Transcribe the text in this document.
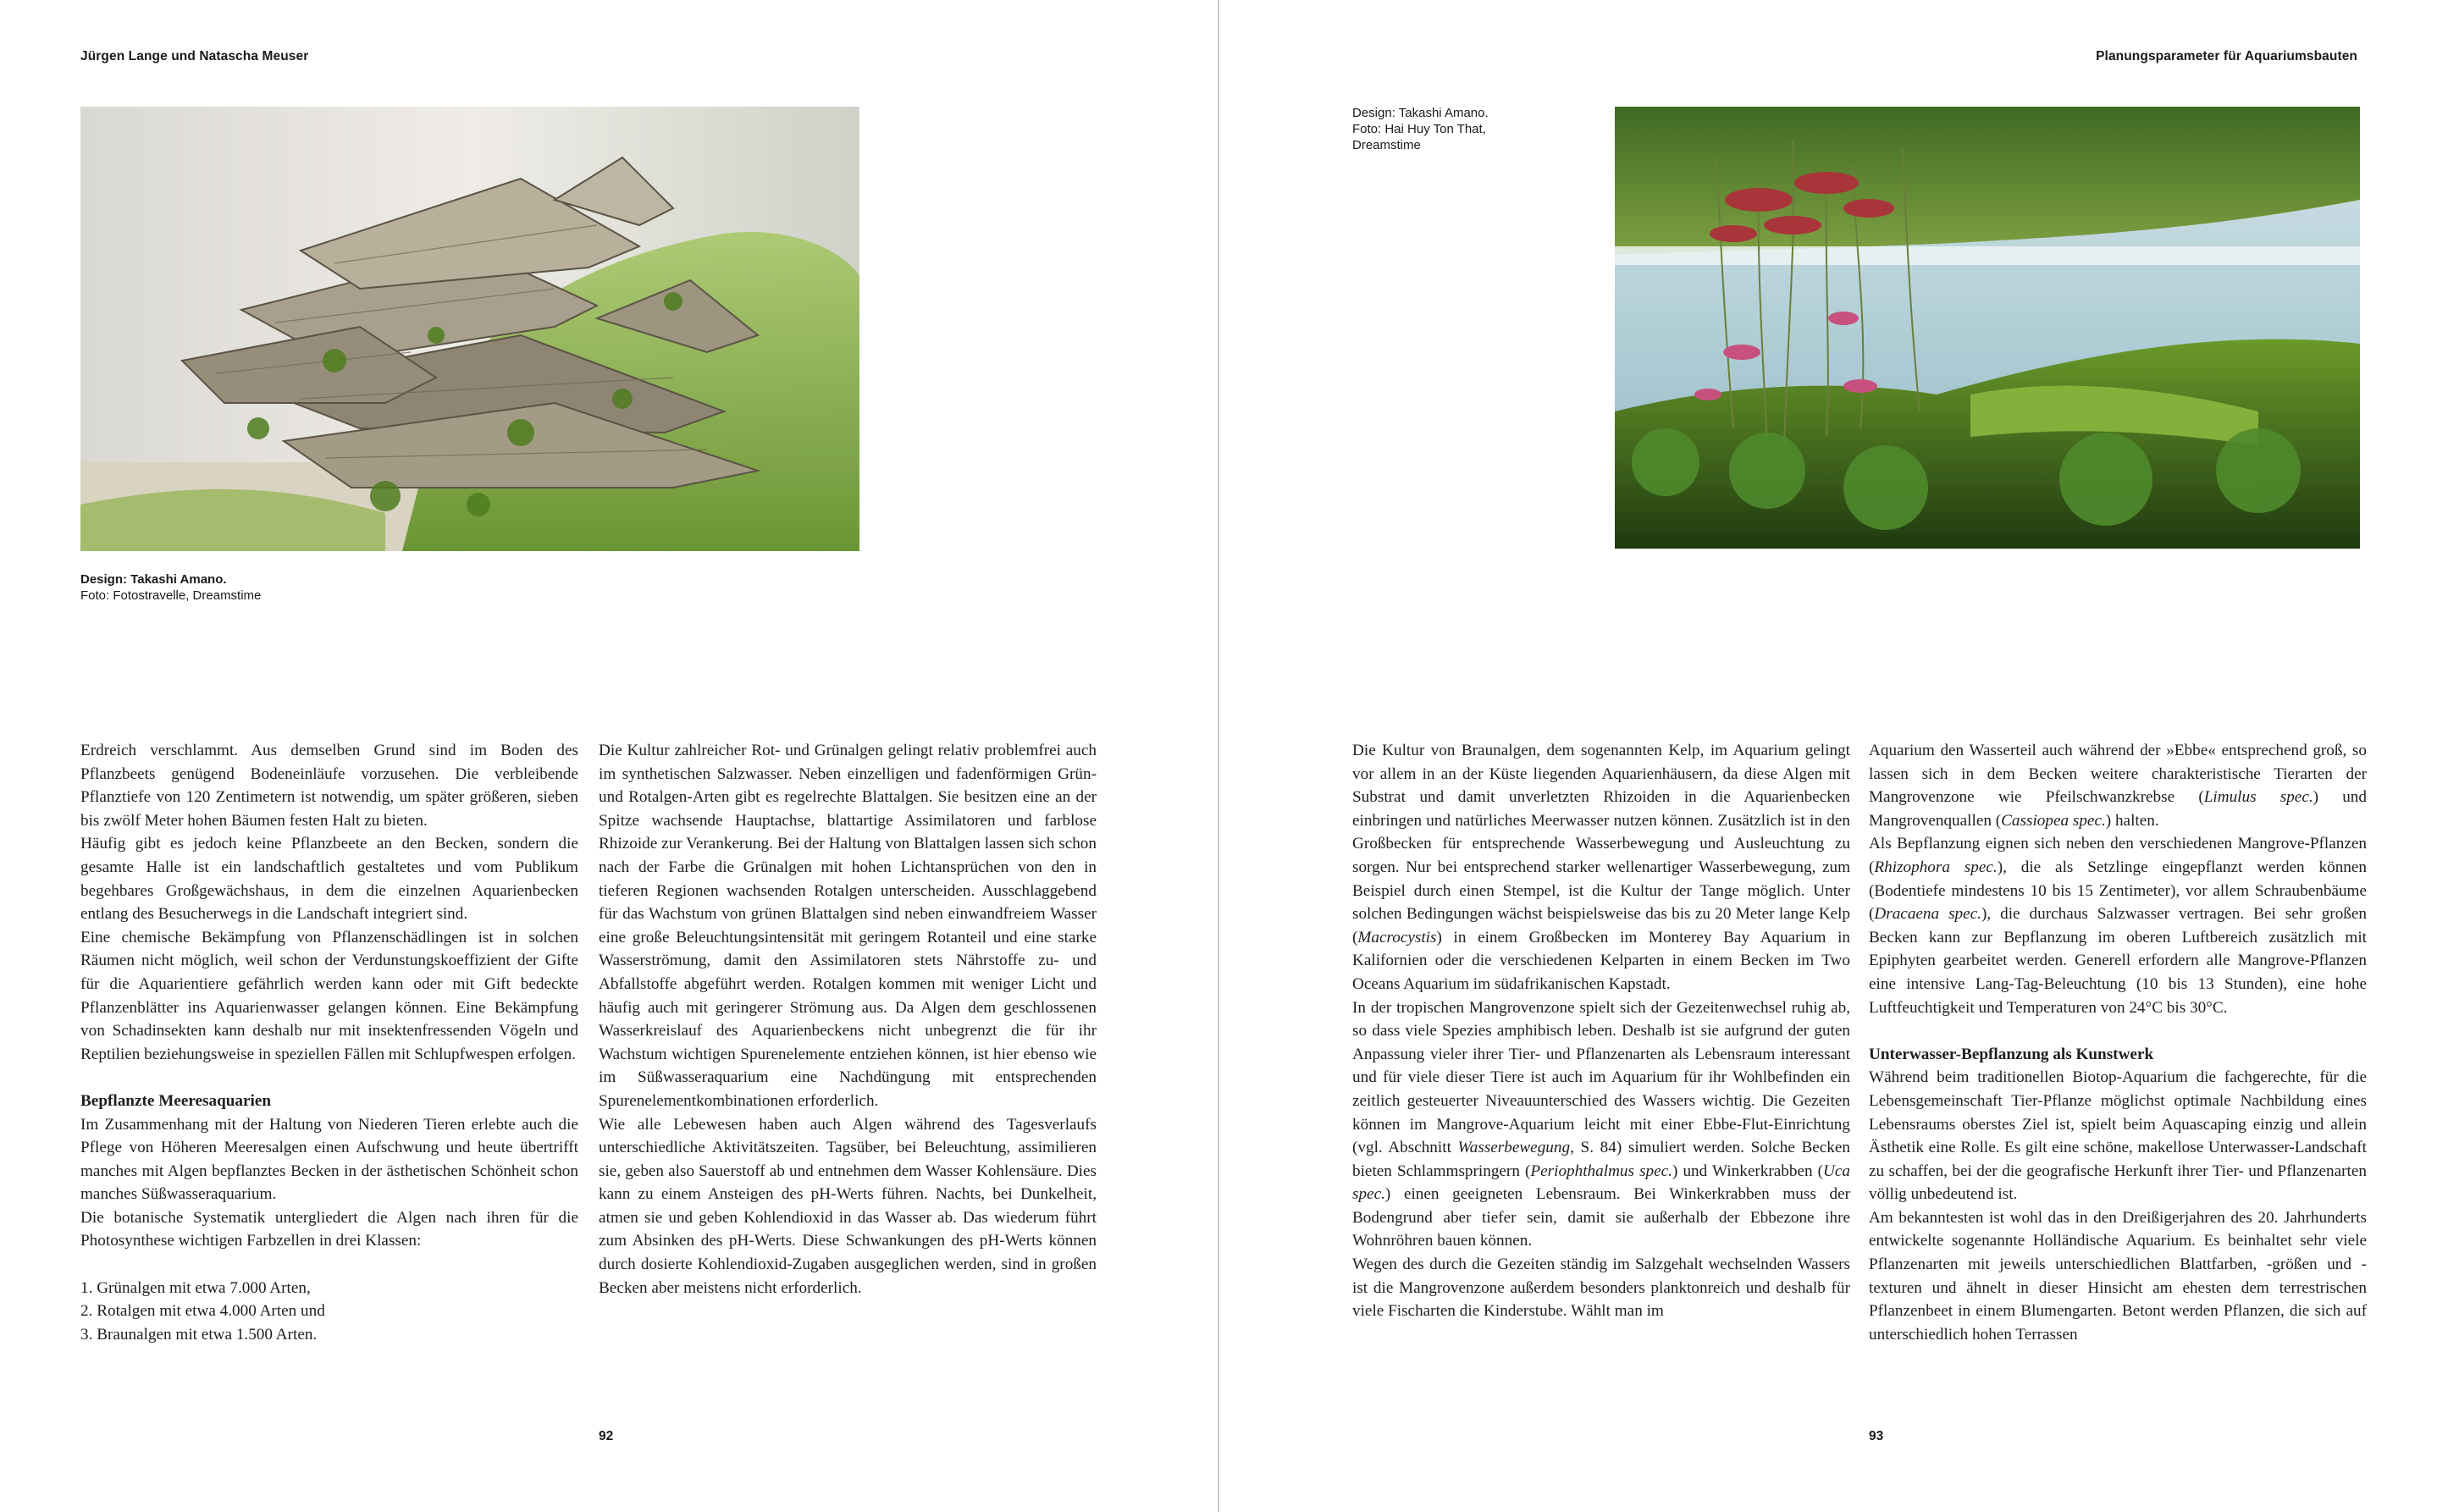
Jürgen Lange und Natascha Meuser
Design: Takashi Amano.
Foto: Fotostravelle, Dreamstime

Erdreich verschlammt. Aus demselben Grund sind im Boden des Pflanzbeets genügend Bodeneinläufe vorzusehen. Die verbleibende Pflanztiefe von 120 Zentimetern ist notwendig, um später größeren, sieben bis zwölf Meter hohen Bäumen festen Halt zu bieten.

Häufig gibt es jedoch keine Pflanzbeete an den Becken, sondern die gesamte Halle ist ein landschaftlich gestaltetes und vom Publikum begehbares Großgewächshaus, in dem die einzelnen Aquarienbecken entlang des Besucherwegs in die Landschaft integriert sind.

Eine chemische Bekämpfung von Pflanzenschädlingen ist in solchen Räumen nicht möglich, weil schon der Verdunstungskoeffizient der Gifte für die Aquarientiere gefährlich werden kann oder mit Gift bedeckte Pflanzenblätter ins Aquarienwasser gelangen können. Eine Bekämpfung von Schadinsekten kann deshalb nur mit insektenfressenden Vögeln und Reptilien beziehungsweise in speziellen Fällen mit Schlupfwespen erfolgen.

Bepflanzte Meeresaquarien

Im Zusammenhang mit der Haltung von Niederen Tieren erlebte auch die Pflege von Höheren Meeresalgen einen Aufschwung und heute übertrifft manches mit Algen bepflanztes Becken in der ästhetischen Schönheit schon manches Süßwasseraquarium.

Die botanische Systematik untergliedert die Algen nach ihren für die Photosynthese wichtigen Farbzellen in drei Klassen:

1. Grünalgen mit etwa 7.000 Arten,
2. Rotalgen mit etwa 4.000 Arten und
3. Braunalgen mit etwa 1.500 Arten.

Die Kultur zahlreicher Rot- und Grünalgen gelingt relativ problemfrei auch im synthetischen Salzwasser. Neben einzelligen und fadenförmigen Grün- und Rotalgen-Arten gibt es regelrechte Blattalgen. Sie besitzen eine an der Spitze wachsende Hauptachse, blattartige Assimilatoren und farblose Rhizoide zur Verankerung. Bei der Haltung von Blattalgen lassen sich schon nach der Farbe die Grünalgen mit hohen Lichtansprüchen von den in tieferen Regionen wachsenden Rotalgen unterscheiden. Ausschlaggebend für das Wachstum von grünen Blattalgen sind neben einwandfreiem Wasser eine große Beleuchtungsintensität mit geringem Rotanteil und eine starke Wasserströmung, damit den Assimilatoren stets Nährstoffe zu- und Abfallstoffe abgeführt werden. Rotalgen kommen mit weniger Licht und häufig auch mit geringerer Strömung aus. Da Algen dem geschlossenen Wasserkreislauf des Aquarienbeckens nicht unbegrenzt die für ihr Wachstum wichtigen Spurenelemente entziehen können, ist hier ebenso wie im Süßwasseraquarium eine Nachdüngung mit entsprechenden Spurenelementkombinationen erforderlich.

Wie alle Lebewesen haben auch Algen während des Tagesverlaufs unterschiedliche Aktivitätszeiten. Tagsüber, bei Beleuchtung, assimilieren sie, geben also Sauerstoff ab und entnehmen dem Wasser Kohlensäure. Dies kann zu einem Ansteigen des pH-Werts führen. Nachts, bei Dunkelheit, atmen sie und geben Kohlendioxid in das Wasser ab. Das wiederum führt zum Absinken des pH-Werts. Diese Schwankungen des pH-Werts können durch dosierte Kohlendioxid-Zugaben ausgeglichen werden, sind in großen Becken aber meistens nicht erforderlich.

92
Planungsparameter für Aquariumsbauten
Design: Takashi Amano.
Foto: Hai Huy Ton That,
Dreamstime

Die Kultur von Braunalgen, dem sogenannten Kelp, im Aquarium gelingt vor allem in an der Küste liegenden Aquarienhäusern, da diese Algen mit Substrat und damit unverletzten Rhizoiden in die Aquarienbecken einbringen und natürliches Meerwasser nutzen können. Zusätzlich ist in den Großbecken für entsprechende Wasserbewegung und Ausleuchtung zu sorgen. Nur bei entsprechend starker wellenartiger Wasserbewegung, zum Beispiel durch einen Stempel, ist die Kultur der Tange möglich. Unter solchen Bedingungen wächst beispielsweise das bis zu 20 Meter lange Kelp (Macrocystis) in einem Großbecken im Monterey Bay Aquarium in Kalifornien oder die verschiedenen Kelparten in einem Becken im Two Oceans Aquarium im südafrikanischen Kapstadt.

In der tropischen Mangrovenzone spielt sich der Gezeitenwechsel ruhig ab, so dass viele Spezies amphibisch leben. Deshalb ist sie aufgrund der guten Anpassung vieler ihrer Tier- und Pflanzenarten als Lebensraum interessant und für viele dieser Tiere ist auch im Aquarium für ihr Wohlbefinden ein zeitlich gesteuerter Niveauunterschied des Wassers wichtig. Die Gezeiten können im Mangrove-Aquarium leicht mit einer Ebbe-Flut-Einrichtung (vgl. Abschnitt Wasserbewegung, S. 84) simuliert werden. Solche Becken bieten Schlammspringern (Periophthalmus spec.) und Winkerkrabben (Uca spec.) einen geeigneten Lebensraum. Bei Winkerkrabben muss der Bodengrund aber tiefer sein, damit sie außerhalb der Ebbezone ihre Wohnröhren bauen können.

Wegen des durch die Gezeiten ständig im Salzgehalt wechselnden Wassers ist die Mangrovenzone außerdem besonders planktonreich und deshalb für viele Fischarten die Kinderstube. Wählt man im

Aquarium den Wasserteil auch während der »Ebbe« entsprechend groß, so lassen sich in dem Becken weitere charakteristische Tierarten der Mangrovenzone wie Pfeilschwanzkrebse (Limulus spec.) und Mangrovenquallen (Cassiopea spec.) halten.

Als Bepflanzung eignen sich neben den verschiedenen Mangrove-Pflanzen (Rhizophora spec.), die als Setzlinge eingepflanzt werden können (Bodentiefe mindestens 10 bis 15 Zentimeter), vor allem Schraubenbäume (Dracaena spec.), die durchaus Salzwasser vertragen. Bei sehr großen Becken kann zur Bepflanzung im oberen Luftbereich zusätzlich mit Epiphyten gearbeitet werden. Generell erfordern alle Mangrove-Pflanzen eine intensive Lang-Tag-Beleuchtung (10 bis 13 Stunden), eine hohe Luftfeuchtigkeit und Temperaturen von 24°C bis 30°C.

Unterwasser-Bepflanzung als Kunstwerk

Während beim traditionellen Biotop-Aquarium die fachgerechte, für die Lebensgemeinschaft Tier-Pflanze möglichst optimale Nachbildung eines Lebensraums oberstes Ziel ist, spielt beim Aquascaping einzig und allein Ästhetik eine Rolle. Es gilt eine schöne, makellose Unterwasser-Landschaft zu schaffen, bei der die geografische Herkunft ihrer Tier- und Pflanzenarten völlig unbedeutend ist.

Am bekanntesten ist wohl das in den Dreißigerjahren des 20. Jahrhunderts entwickelte sogenannte Holländische Aquarium. Es beinhaltet sehr viele Pflanzenarten mit jeweils unterschiedlichen Blattfarben, -größen und -texturen und ähnelt in dieser Hinsicht am ehesten dem terrestrischen Pflanzenbeet in einem Blumengarten. Betont werden Pflanzen, die sich auf unterschiedlich hohen Terrassen

93
